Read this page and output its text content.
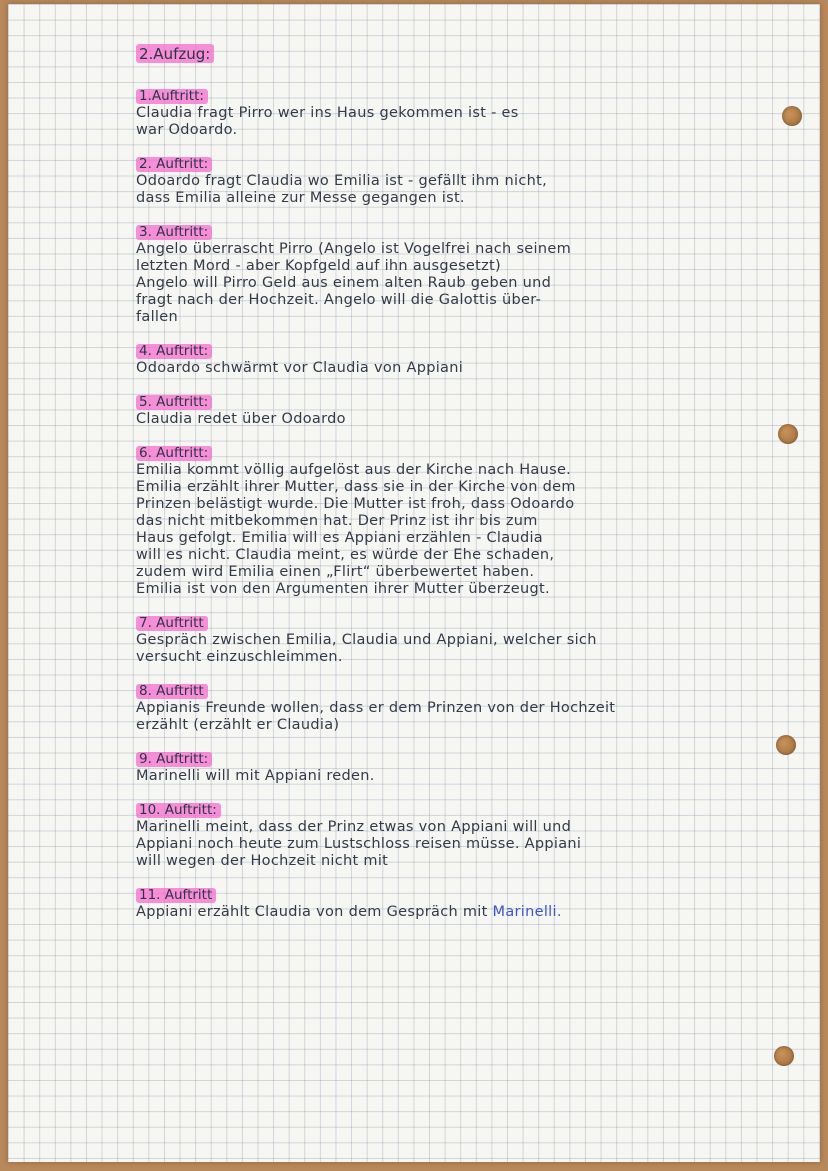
2.Aufzug:
1.Auftritt:
Claudia fragt Pirro wer ins Haus gekommen ist - es
war Odoardo.
2. Auftritt:
Odoardo fragt Claudia wo Emilia ist - gefällt ihm nicht,
dass Emilia alleine zur Messe gegangen ist.
3. Auftritt:
Angelo überrascht Pirro (Angelo ist Vogelfrei nach seinem
letzten Mord - aber Kopfgeld auf ihn ausgesetzt)
Angelo will Pirro Geld aus einem alten Raub geben und
fragt nach der Hochzeit. Angelo will die Galottis über-
fallen
4. Auftritt:
Odoardo schwärmt vor Claudia von Appiani
5. Auftritt:
Claudia redet über Odoardo
6. Auftritt:
Emilia kommt völlig aufgelöst aus der Kirche nach Hause.
Emilia erzählt ihrer Mutter, dass sie in der Kirche von dem
Prinzen belästigt wurde. Die Mutter ist froh, dass Odoardo
das nicht mitbekommen hat. Der Prinz ist ihr bis zum
Haus gefolgt. Emilia will es Appiani erzählen - Claudia
will es nicht. Claudia meint, es würde der Ehe schaden,
zudem wird Emilia einen „Flirt“ überbewertet haben.
Emilia ist von den Argumenten ihrer Mutter überzeugt.
7. Auftritt
Gespräch zwischen Emilia, Claudia und Appiani, welcher sich
versucht einzuschleimmen.
8. Auftritt
Appianis Freunde wollen, dass er dem Prinzen von der Hochzeit
erzählt (erzählt er Claudia)
9. Auftritt:
Marinelli will mit Appiani reden.
10. Auftritt:
Marinelli meint, dass der Prinz etwas von Appiani will und
Appiani noch heute zum Lustschloss reisen müsse. Appiani
will wegen der Hochzeit nicht mit
11. Auftritt
Appiani erzählt Claudia von dem Gespräch mit Marinelli.
